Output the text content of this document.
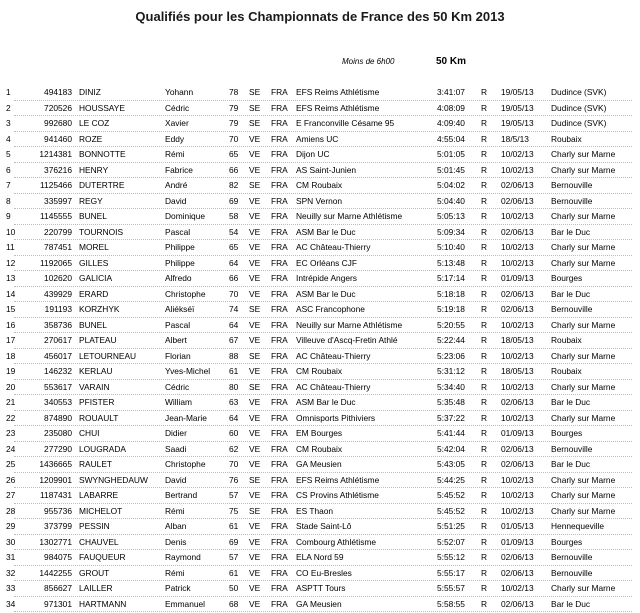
Qualifiés pour les Championnats de France des 50 Km 2013
Moins de 6h00	50 Km
1	494183 DINIZ	Yohann	78	SE	FRA EFS Reims Athlétisme	3:41:07	R	19/05/13	Dudince (SVK)
2	720526 HOUSSAYE	Cédric	79	SE	FRA EFS Reims Athlétisme	4:08:09	R	19/05/13	Dudince (SVK)
3	992680 LE COZ	Xavier	79	SE	FRA E Franconville Césame 95	4:09:40	R	19/05/13	Dudince (SVK)
4	941460 ROZE	Eddy	70	VE	FRA Amiens UC	4:55:04	R	18/5/13	Roubaix
5	1214381 BONNOTTE	Rémi	65	VE	FRA Dijon UC	5:01:05	R	10/02/13	Charly sur Marne
6	376216 HENRY	Fabrice	66	VE	FRA AS Saint-Junien	5:01:45	R	10/02/13	Charly sur Marne
7	1125466 DUTERTRE	André	82	SE	FRA CM Roubaix	5:04:02	R	02/06/13	Bernouville
8	335997 REGY	David	69	VE	FRA SPN Vernon	5:04:40	R	02/06/13	Bernouville
9	1145555 BUNEL	Dominique	58	VE	FRA Neuilly sur Marne Athlétisme	5:05:13	R	10/02/13	Charly sur Marne
10	220799 TOURNOIS	Pascal	54	VE	FRA ASM Bar le Duc	5:09:34	R	02/06/13	Bar le Duc
11	787451 MOREL	Philippe	65	VE	FRA AC Château-Thierry	5:10:40	R	10/02/13	Charly sur Marne
12	1192065 GILLES	Philippe	64	VE	FRA EC Orléans CJF	5:13:48	R	10/02/13	Charly sur Marne
13	102620 GALICIA	Alfredo	66	VE	FRA Intrépide Angers	5:17:14	R	01/09/13	Bourges
14	439929 ERARD	Christophe	70	VE	FRA ASM Bar le Duc	5:18:18	R	02/06/13	Bar le Duc
15	191193 KORZHYK	Aliékséï	74	SE	FRA ASC Francophone	5:19:18	R	02/06/13	Bernouville
16	358736 BUNEL	Pascal	64	VE	FRA Neuilly sur Marne Athlétisme	5:20:55	R	10/02/13	Charly sur Marne
17	270617 PLATEAU	Albert	67	VE	FRA Villeuve d'Ascq-Fretin Athlé	5:22:44	R	18/05/13	Roubaix
18	456017 LETOURNEAU	Florian	88	SE	FRA AC Château-Thierry	5:23:06	R	10/02/13	Charly sur Marne
19	146232 KERLAU	Yves-Michel	61	VE	FRA CM Roubaix	5:31:12	R	18/05/13	Roubaix
20	553617 VARAIN	Cédric	80	SE	FRA AC Château-Thierry	5:34:40	R	10/02/13	Charly sur Marne
21	340553 PFISTER	William	63	VE	FRA ASM Bar le Duc	5:35:48	R	02/06/13	Bar le Duc
22	874890 ROUAULT	Jean-Marie	64	VE	FRA Omnisports Pithiviers	5:37:22	R	10/02/13	Charly sur Marne
23	235080 CHUI	Didier	60	VE	FRA EM Bourges	5:41:44	R	01/09/13	Bourges
24	277290 LOUGRADA	Saadi	62	VE	FRA CM Roubaix	5:42:04	R	02/06/13	Bernouville
25	1436665 RAULET	Christophe	70	VE	FRA GA Meusien	5:43:05	R	02/06/13	Bar le Duc
26	1209901 SWYNGHEDAUW	David	76	SE	FRA EFS Reims Athlétisme	5:44:25	R	10/02/13	Charly sur Marne
27	1187431 LABARRE	Bertrand	57	VE	FRA CS Provins Athlétisme	5:45:52	R	10/02/13	Charly sur Marne
28	955736 MICHELOT	Rémi	75	SE	FRA ES Thaon	5:45:52	R	10/02/13	Charly sur Marne
29	373799 PESSIN	Alban	61	VE	FRA Stade Saint-Lô	5:51:25	R	01/05/13	Hennequeville
30	1302771 CHAUVEL	Denis	69	VE	FRA Combourg Athlétisme	5:52:07	R	01/09/13	Bourges
31	984075 FAUQUEUR	Raymond	57	VE	FRA ELA Nord 59	5:55:12	R	02/06/13	Bernouville
32	1442255 GROUT	Rémi	61	VE	FRA CO Eu-Bresles	5:55:17	R	02/06/13	Bernouville
33	856627 LAILLER	Patrick	50	VE	FRA ASPTT Tours	5:55:57	R	10/02/13	Charly sur Marne
34	971301 HARTMANN	Emmanuel	68	VE	FRA GA Meusien	5:58:55	R	02/06/13	Bar le Duc
